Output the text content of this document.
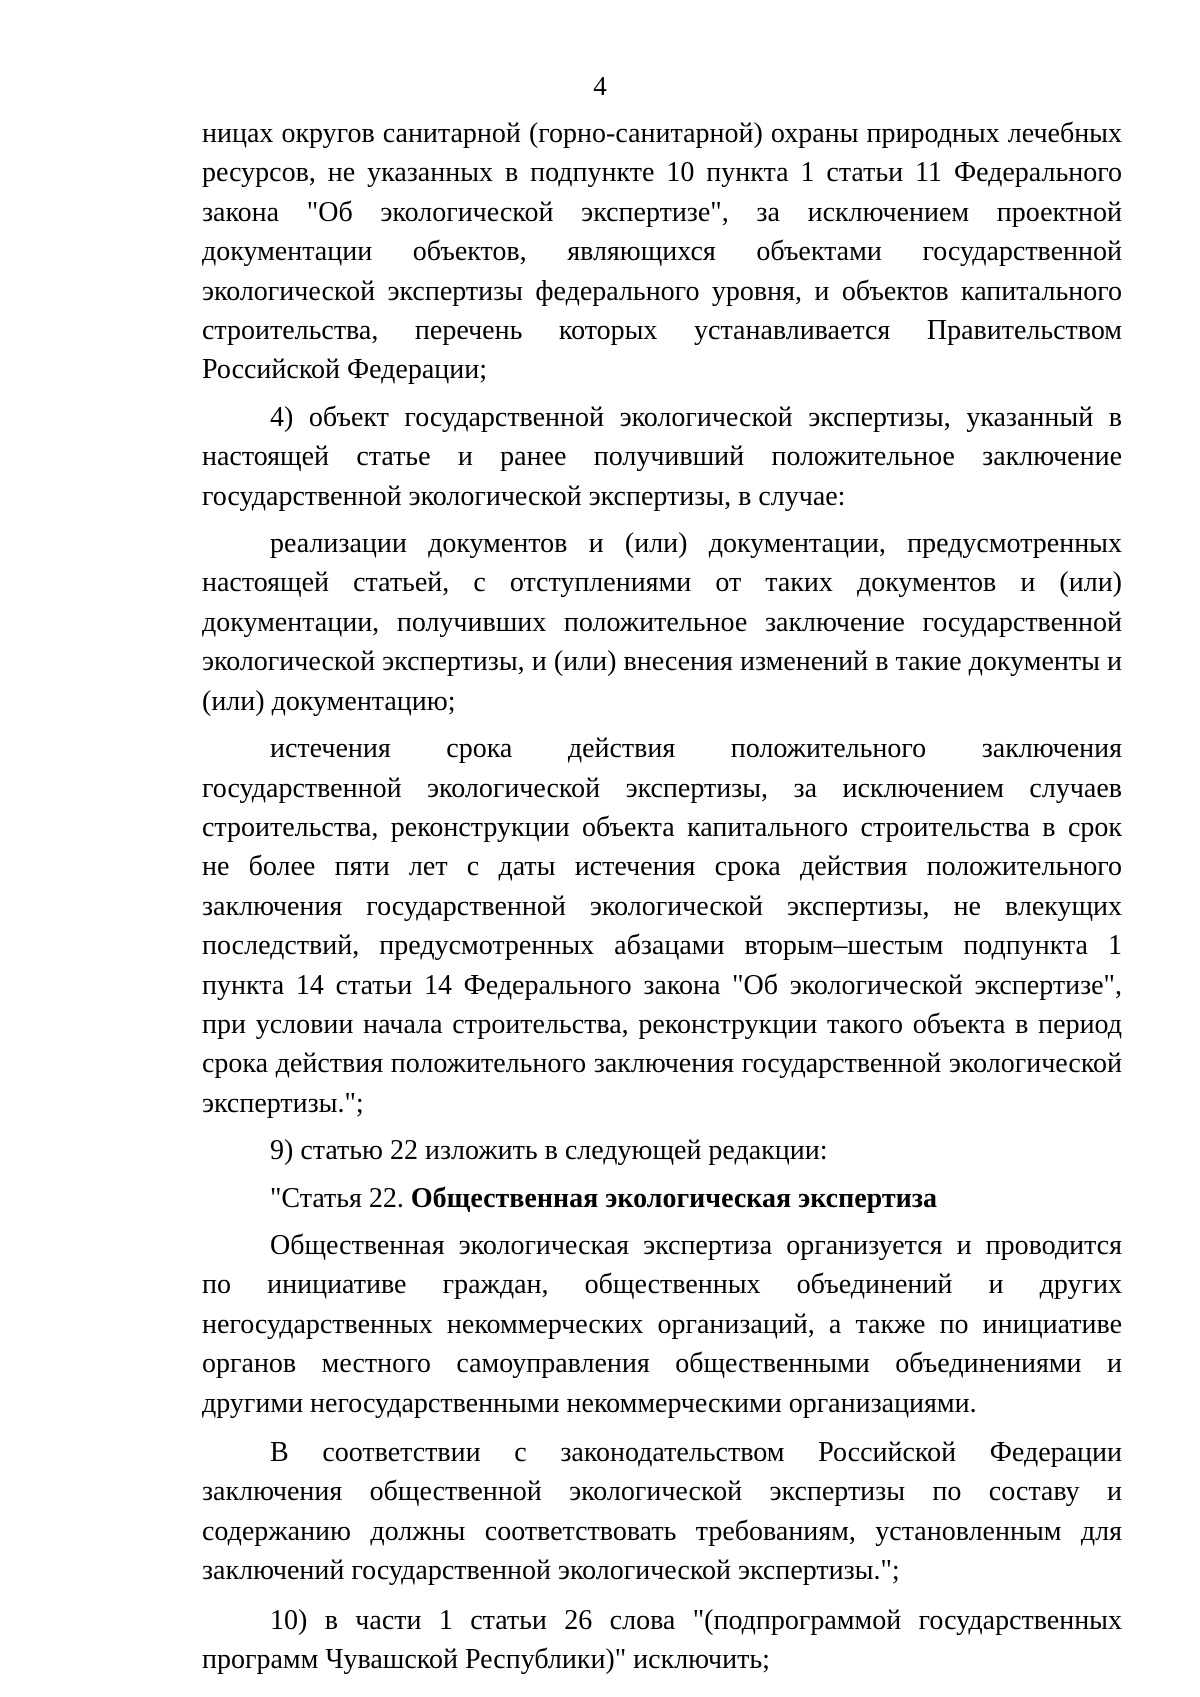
4

ницах округов санитарной (горно-санитарной) охраны природных лечебных ресурсов, не указанных в подпункте 10 пункта 1 статьи 11 Федерального закона "Об экологической экспертизе", за исключением проектной документации объектов, являющихся объектами государственной экологической экспертизы федерального уровня, и объектов капитального строительства, перечень которых устанавливается Правительством Российской Федерации;

4) объект государственной экологической экспертизы, указанный в настоящей статье и ранее получивший положительное заключение государственной экологической экспертизы, в случае:

реализации документов и (или) документации, предусмотренных настоящей статьей, с отступлениями от таких документов и (или) документации, получивших положительное заключение государственной экологической экспертизы, и (или) внесения изменений в такие документы и (или) документацию;

истечения срока действия положительного заключения государственной экологической экспертизы, за исключением случаев строительства, реконструкции объекта капитального строительства в срок не более пяти лет с даты истечения срока действия положительного заключения государственной экологической экспертизы, не влекущих последствий, предусмотренных абзацами вторым–шестым подпункта 1 пункта 14 статьи 14 Федерального закона "Об экологической экспертизе", при условии начала строительства, реконструкции такого объекта в период срока действия положительного заключения государственной экологической экспертизы.";

9) статью 22 изложить в следующей редакции:

"Статья 22. Общественная экологическая экспертиза

Общественная экологическая экспертиза организуется и проводится по инициативе граждан, общественных объединений и других негосударственных некоммерческих организаций, а также по инициативе органов местного самоуправления общественными объединениями и другими негосударственными некоммерческими организациями.

В соответствии с законодательством Российской Федерации заключения общественной экологической экспертизы по составу и содержанию должны соответствовать требованиям, установленным для заключений государственной экологической экспертизы.";

10) в части 1 статьи 26 слова "(подпрограммой государственных программ Чувашской Республики)" исключить;
